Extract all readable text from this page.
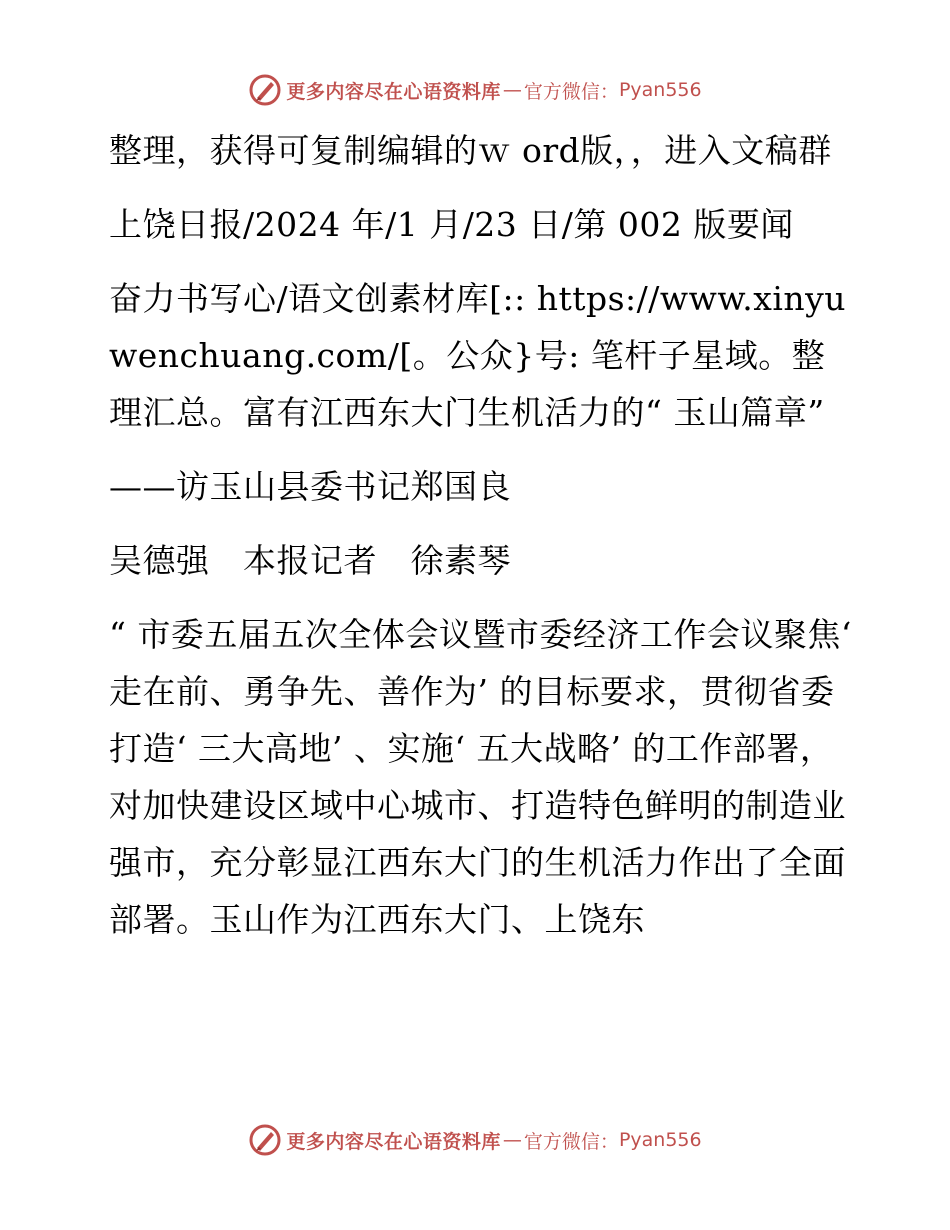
更多内容尽在心语资料库 — 官方微信： Pyan556

整理，获得可复制编辑的ｗ ord版，，进入文稿群

上饶日报/2024 年/1 月/23 日/第 002 版要闻

奋力书写心/语文创素材库[:: https://www.xinyuwenchuang.com/[。公众}号: 笔杆子星域。整理汇总。富有江西东大门生机活力的“ 玉山篇章”

——访玉山县委书记郑国良

吴德强　本报记者　徐素琴

“ 市委五届五次全体会议暨市委经济工作会议聚焦‘ 走在前、勇争先、善作为’ 的目标要求，贯彻省委打造‘ 三大高地’ 、实施‘ 五大战略’ 的工作部署，对加快建设区域中心城市、打造特色鲜明的制造业强市，充分彰显江西东大门的生机活力作出了全面部署。玉山作为江西东大门、上饶东

更多内容尽在心语资料库 — 官方微信： Pyan556
